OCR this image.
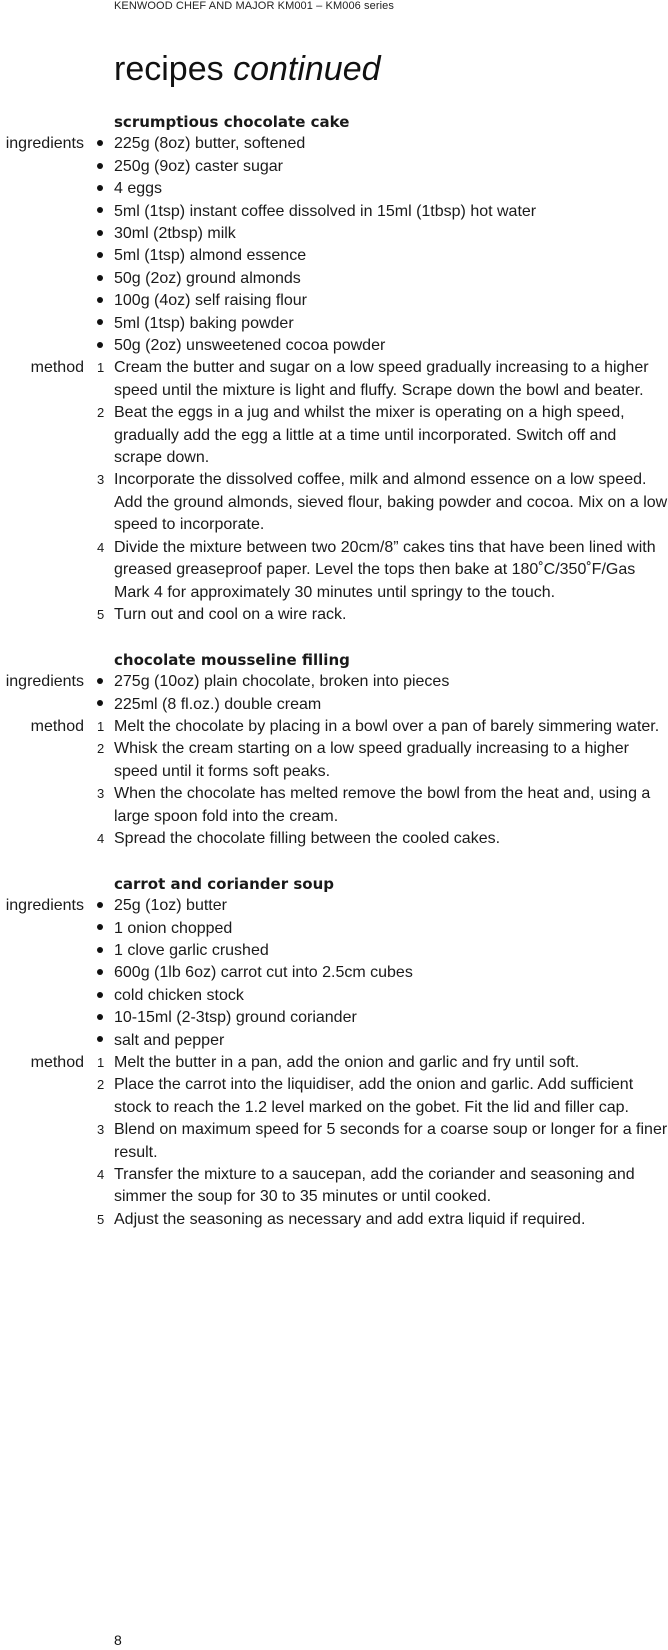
KENWOOD CHEF AND MAJOR KM001 – KM006 series
recipes continued
scrumptious chocolate cake
ingredients 225g (8oz) butter, softened
250g (9oz) caster sugar
4 eggs
5ml (1tsp) instant coffee dissolved in 15ml (1tbsp) hot water
30ml (2tbsp) milk
5ml (1tsp) almond essence
50g (2oz) ground almonds
100g (4oz) self raising flour
5ml (1tsp) baking powder
50g (2oz) unsweetened cocoa powder
method	1 Cream the butter and sugar on a low speed gradually increasing to a higher speed until the mixture is light and fluffy. Scrape down the bowl and beater.
2 Beat the eggs in a jug and whilst the mixer is operating on a high speed, gradually add the egg a little at a time until incorporated. Switch off and scrape down.
3 Incorporate the dissolved coffee, milk and almond essence on a low speed. Add the ground almonds, sieved flour, baking powder and cocoa. Mix on a low speed to incorporate.
4 Divide the mixture between two 20cm/8” cakes tins that have been lined with greased greaseproof paper. Level the tops then bake at 180˚C/350˚F/Gas Mark 4 for approximately 30 minutes until springy to the touch.
5 Turn out and cool on a wire rack.
chocolate mousseline filling
ingredients 275g (10oz) plain chocolate, broken into pieces
225ml (8 fl.oz.) double cream
method	1 Melt the chocolate by placing in a bowl over a pan of barely simmering water.
2 Whisk the cream starting on a low speed gradually increasing to a higher speed until it forms soft peaks.
3 When the chocolate has melted remove the bowl from the heat and, using a large spoon fold into the cream.
4 Spread the chocolate filling between the cooled cakes.
carrot and coriander soup
ingredients 25g (1oz) butter
1 onion chopped
1 clove garlic crushed
600g (1lb 6oz) carrot cut into 2.5cm cubes
cold chicken stock
10-15ml (2-3tsp) ground coriander
salt and pepper
method	1 Melt the butter in a pan, add the onion and garlic and fry until soft.
2 Place the carrot into the liquidiser, add the onion and garlic. Add sufficient stock to reach the 1.2 level marked on the gobet. Fit the lid and filler cap.
3 Blend on maximum speed for 5 seconds for a coarse soup or longer for a finer result.
4 Transfer the mixture to a saucepan, add the coriander and seasoning and simmer the soup for 30 to 35 minutes or until cooked.
5 Adjust the seasoning as necessary and add extra liquid if required.
8
